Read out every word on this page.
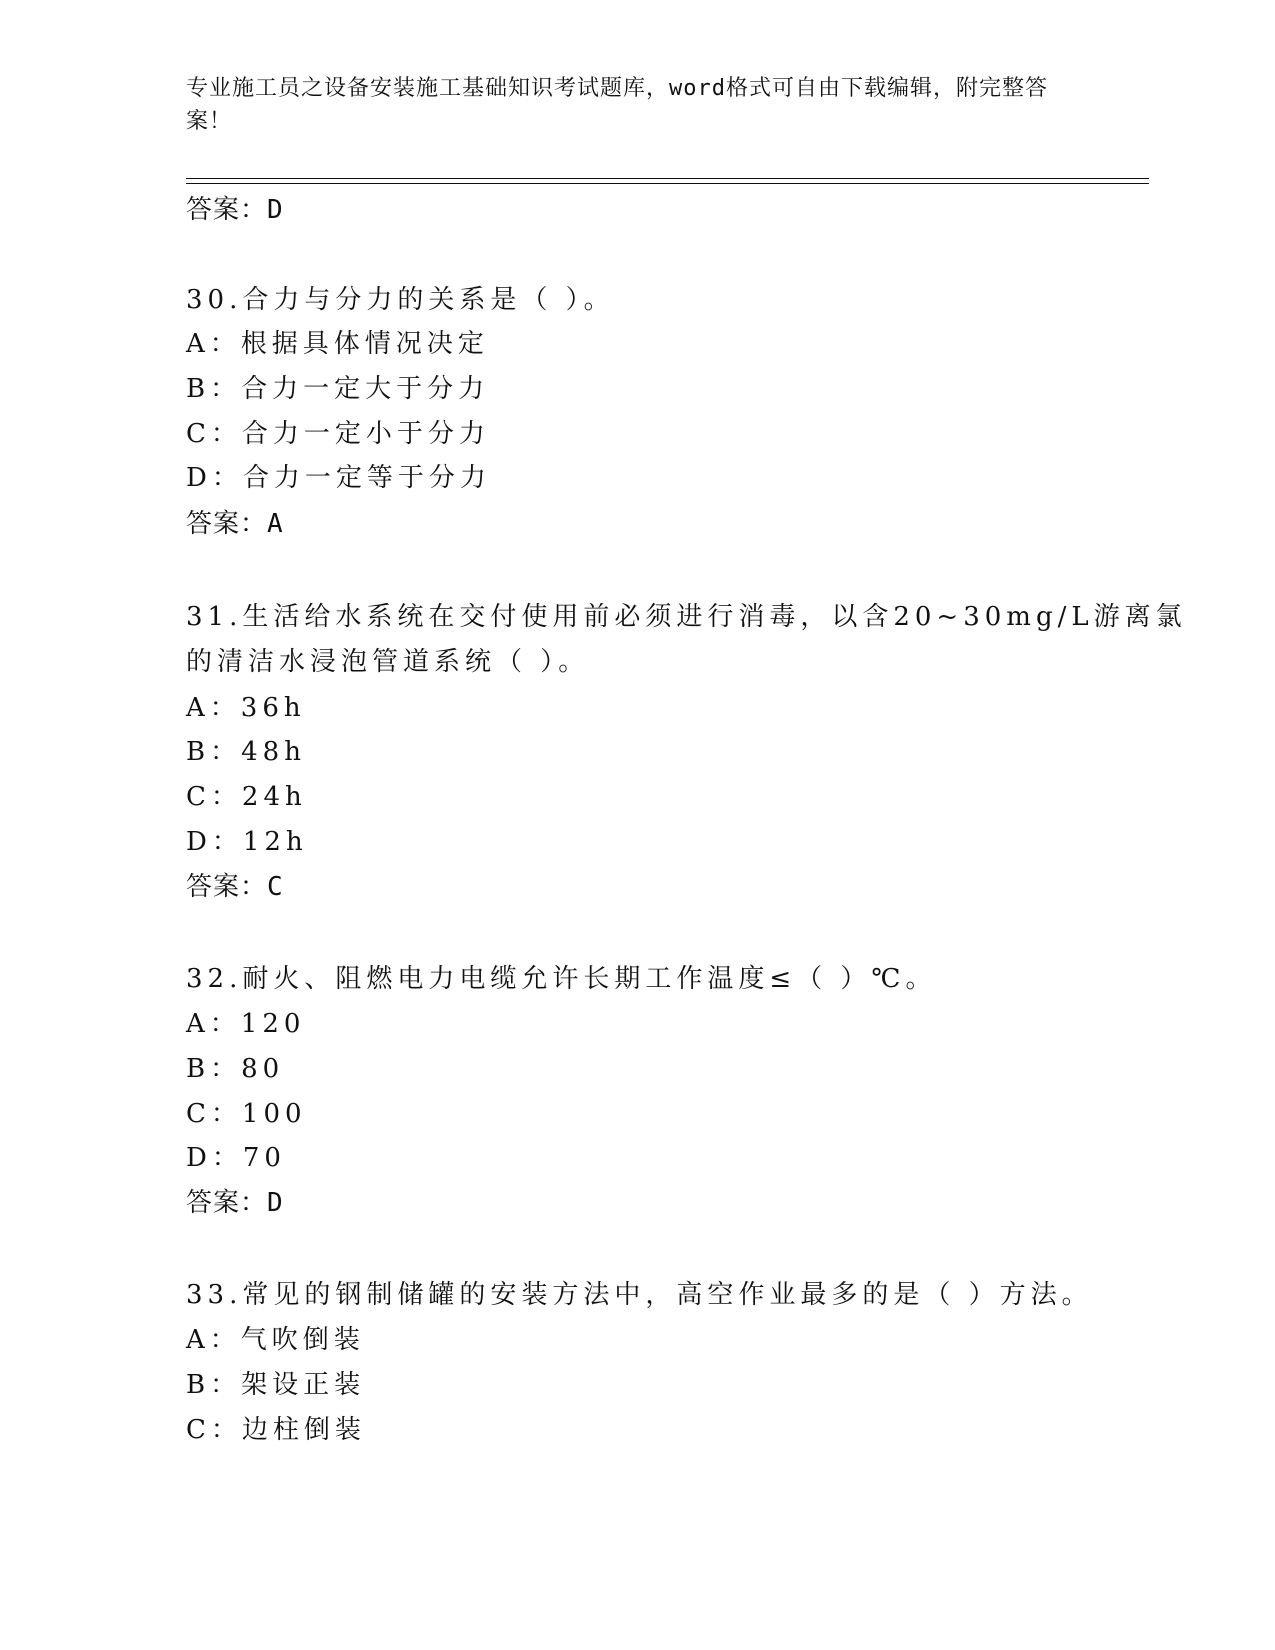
专业施工员之设备安装施工基础知识考试题库，word格式可自由下载编辑，附完整答案！
答案：D
30.合力与分力的关系是（ ）。
A：根据具体情况决定
B：合力一定大于分力
C：合力一定小于分力
D：合力一定等于分力
答案：A
31.生活给水系统在交付使用前必须进行消毒，以含20~30mg/L游离氯
的清洁水浸泡管道系统（ ）。
A：36h
B：48h
C：24h
D：12h
答案：C
32.耐火、阻燃电力电缆允许长期工作温度≤（ ）℃。
A：120
B：80
C：100
D：70
答案：D
33.常见的钢制储罐的安装方法中，高空作业最多的是（ ）方法。
A：气吹倒装
B：架设正装
C：边柱倒装
